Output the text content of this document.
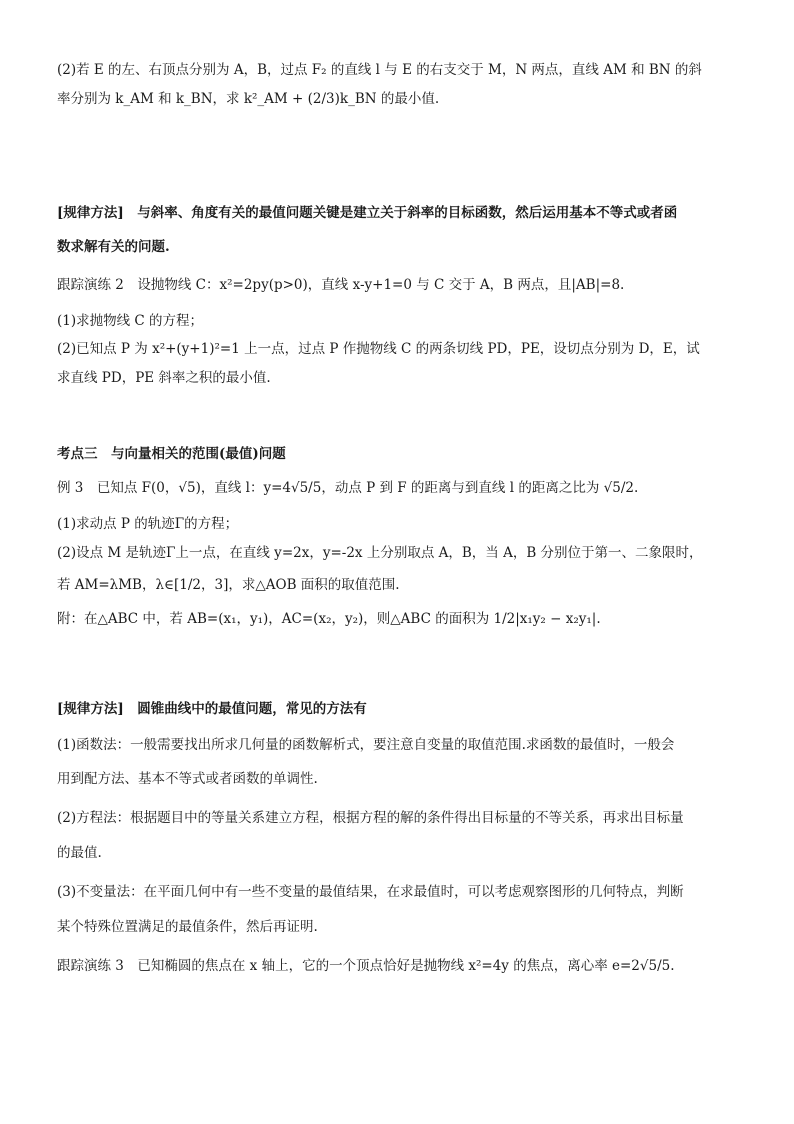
(2)若 E 的左、右顶点分别为 A，B，过点 F₂ 的直线 l 与 E 的右支交于 M，N 两点，直线 AM 和 BN 的斜
率分别为 k_AM 和 k_BN，求 k²_AM + (2/3)k_BN 的最小值.
[规律方法]　与斜率、角度有关的最值问题关键是建立关于斜率的目标函数，然后运用基本不等式或者函
数求解有关的问题.
跟踪演练 2　设抛物线 C：x²=2py(p>0)，直线 x-y+1=0 与 C 交于 A，B 两点，且|AB|=8.
(1)求抛物线 C 的方程；
(2)已知点 P 为 x²+(y+1)²=1 上一点，过点 P 作抛物线 C 的两条切线 PD，PE，设切点分别为 D，E，试
求直线 PD，PE 斜率之积的最小值.
考点三　与向量相关的范围(最值)问题
例 3　已知点 F(0，√5)，直线 l：y=4√5/5，动点 P 到 F 的距离与到直线 l 的距离之比为 √5/2.
(1)求动点 P 的轨迹Γ的方程；
(2)设点 M 是轨迹Γ上一点，在直线 y=2x，y=-2x 上分别取点 A，B，当 A，B 分别位于第一、二象限时，
若 AM=λMB，λ∈[1/2，3]，求△AOB 面积的取值范围.
附：在△ABC 中，若 AB=(x₁，y₁)，AC=(x₂，y₂)，则△ABC 的面积为 1/2|x₁y₂ − x₂y₁|.
[规律方法]　圆锥曲线中的最值问题，常见的方法有
(1)函数法：一般需要找出所求几何量的函数解析式，要注意自变量的取值范围.求函数的最值时，一般会
用到配方法、基本不等式或者函数的单调性.
(2)方程法：根据题目中的等量关系建立方程，根据方程的解的条件得出目标量的不等关系，再求出目标量
的最值.
(3)不变量法：在平面几何中有一些不变量的最值结果，在求最值时，可以考虑观察图形的几何特点，判断
某个特殊位置满足的最值条件，然后再证明.
跟踪演练 3　已知椭圆的焦点在 x 轴上，它的一个顶点恰好是抛物线 x²=4y 的焦点，离心率 e=2√5/5.
